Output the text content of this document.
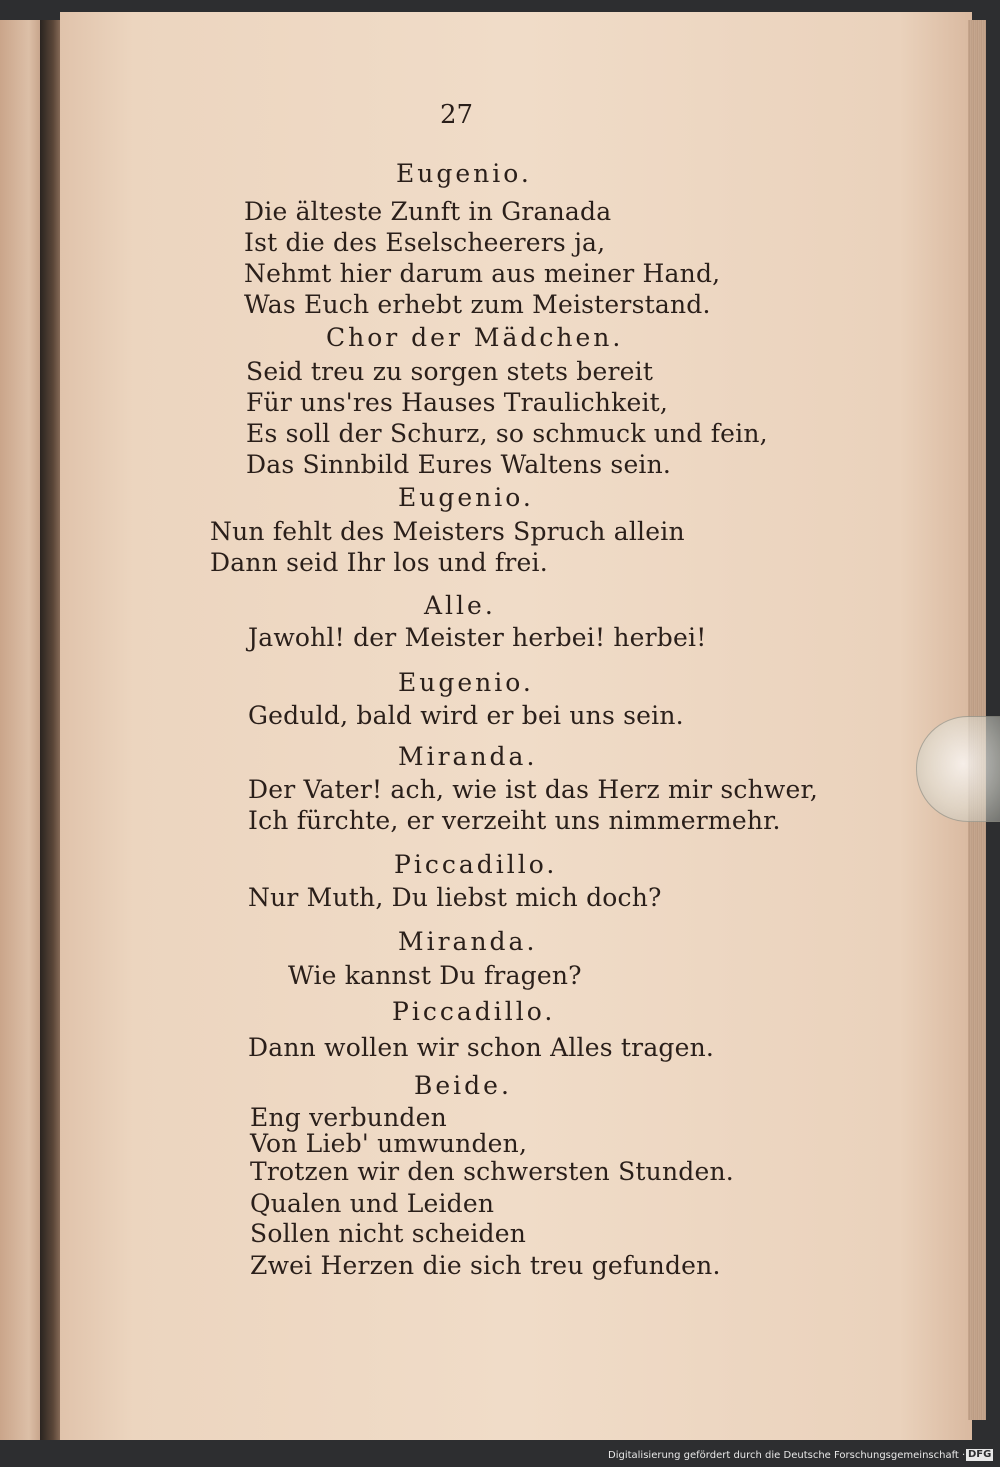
27
Eugenio.
Die älteste Zunft in Granada
Ist die des Eselscheerers ja,
Nehmt hier darum aus meiner Hand,
Was Euch erhebt zum Meisterstand.
Chor der Mädchen.
Seid treu zu sorgen stets bereit
Für uns'res Hauses Traulichkeit,
Es soll der Schurz, so schmuck und fein,
Das Sinnbild Eures Waltens sein.
Eugenio.
Nun fehlt des Meisters Spruch allein
Dann seid Ihr los und frei.
Alle.
Jawohl! der Meister herbei! herbei!
Eugenio.
Geduld, bald wird er bei uns sein.
Miranda.
Der Vater! ach, wie ist das Herz mir schwer,
Ich fürchte, er verzeiht uns nimmermehr.
Piccadillo.
Nur Muth, Du liebst mich doch?
Miranda.
Wie kannst Du fragen?
Piccadillo.
Dann wollen wir schon Alles tragen.
Beide.
Eng verbunden
Von Lieb' umwunden,
Trotzen wir den schwersten Stunden.
Qualen und Leiden
Sollen nicht scheiden
Zwei Herzen die sich treu gefunden.
Digitalisierung gefördert durch die Deutsche Forschungsgemeinschaft · DFG
